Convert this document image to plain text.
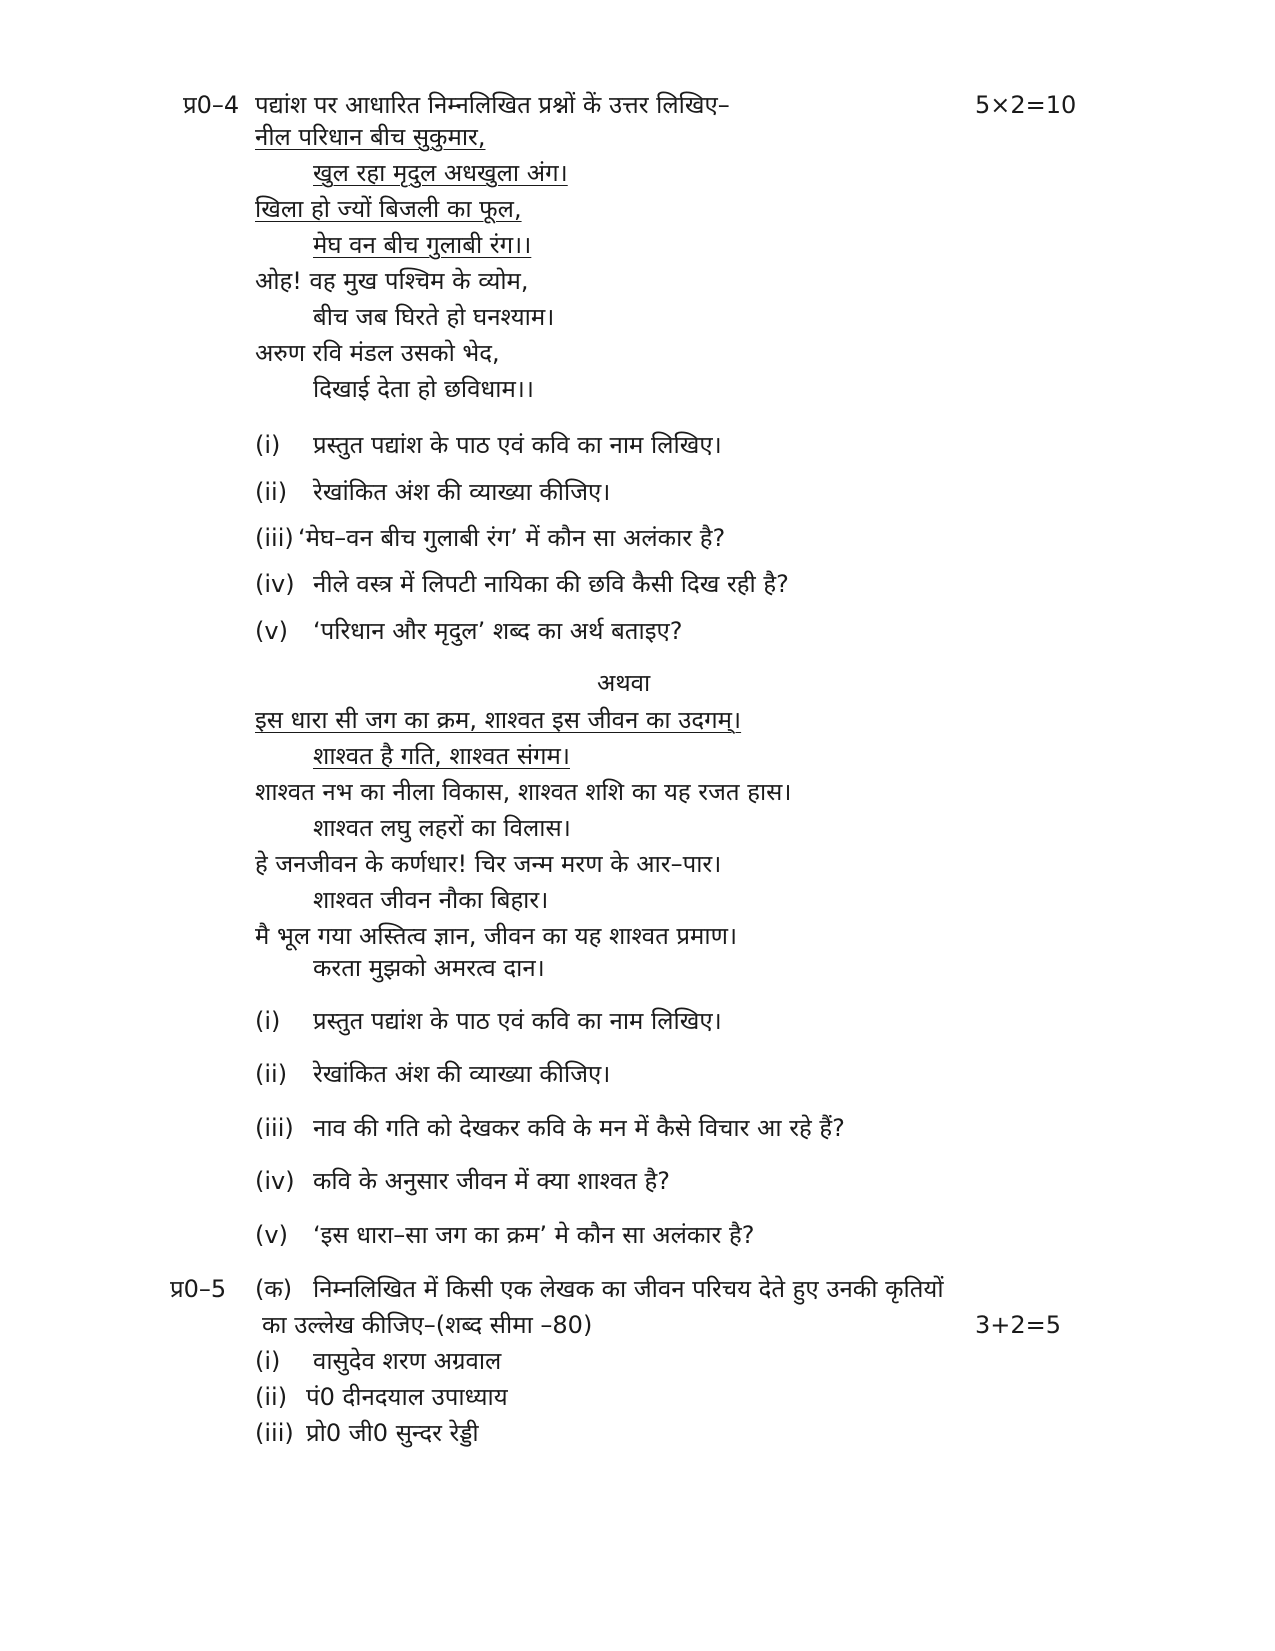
प्र0–4 पद्यांश पर आधारित निम्नलिखित प्रश्नों कें उत्तर लिखिए–	5×2=10
नील परिधान बीच सुकुमार,
खुल रहा मृदुल अधखुला अंग।
खिला हो ज्यों बिजली का फूल,
मेघ वन बीच गुलाबी रंग।।
ओह! वह मुख पश्चिम के व्योम,
बीच जब घिरते हो घनश्याम।
अरुण रवि मंडल उसको भेद,
दिखाई देता हो छविधाम।।
(i) प्रस्तुत पद्यांश के पाठ एवं कवि का नाम लिखिए।
(ii) रेखांकित अंश की व्याख्या कीजिए।
(iii) ‘मेघ–वन बीच गुलाबी रंग’ में कौन सा अलंकार है?
(iv) नीले वस्त्र में लिपटी नायिका की छवि कैसी दिख रही है?
(v) ‘परिधान और मृदुल’ शब्द का अर्थ बताइए?
अथवा
इस धारा सी जग का क्रम, शाश्वत इस जीवन का उदगम्।
शाश्वत है गति, शाश्वत संगम।
शाश्वत नभ का नीला विकास, शाश्वत शशि का यह रजत हास।
शाश्वत लघु लहरों का विलास।
हे जनजीवन के कर्णधार! चिर जन्म मरण के आर–पार।
शाश्वत जीवन नौका बिहार।
मै भूल गया अस्तित्व ज्ञान, जीवन का यह शाश्वत प्रमाण।
करता मुझको अमरत्व दान।
(i) प्रस्तुत पद्यांश के पाठ एवं कवि का नाम लिखिए।
(ii) रेखांकित अंश की व्याख्या कीजिए।
(iii) नाव की गति को देखकर कवि के मन में कैसे विचार आ रहे हैं?
(iv) कवि के अनुसार जीवन में क्या शाश्वत है?
(v) ‘इस धारा–सा जग का क्रम’ मे कौन सा अलंकार है?
प्र0–5 (क) निम्नलिखित में किसी एक लेखक का जीवन परिचय देते हुए उनकी कृतियों
का उल्लेख कीजिए–(शब्द सीमा –80)	3+2=5
(i) वासुदेव शरण अग्रवाल
(ii) पं0 दीनदयाल उपाध्याय
(iii) प्रो0 जी0 सुन्दर रेड्डी
